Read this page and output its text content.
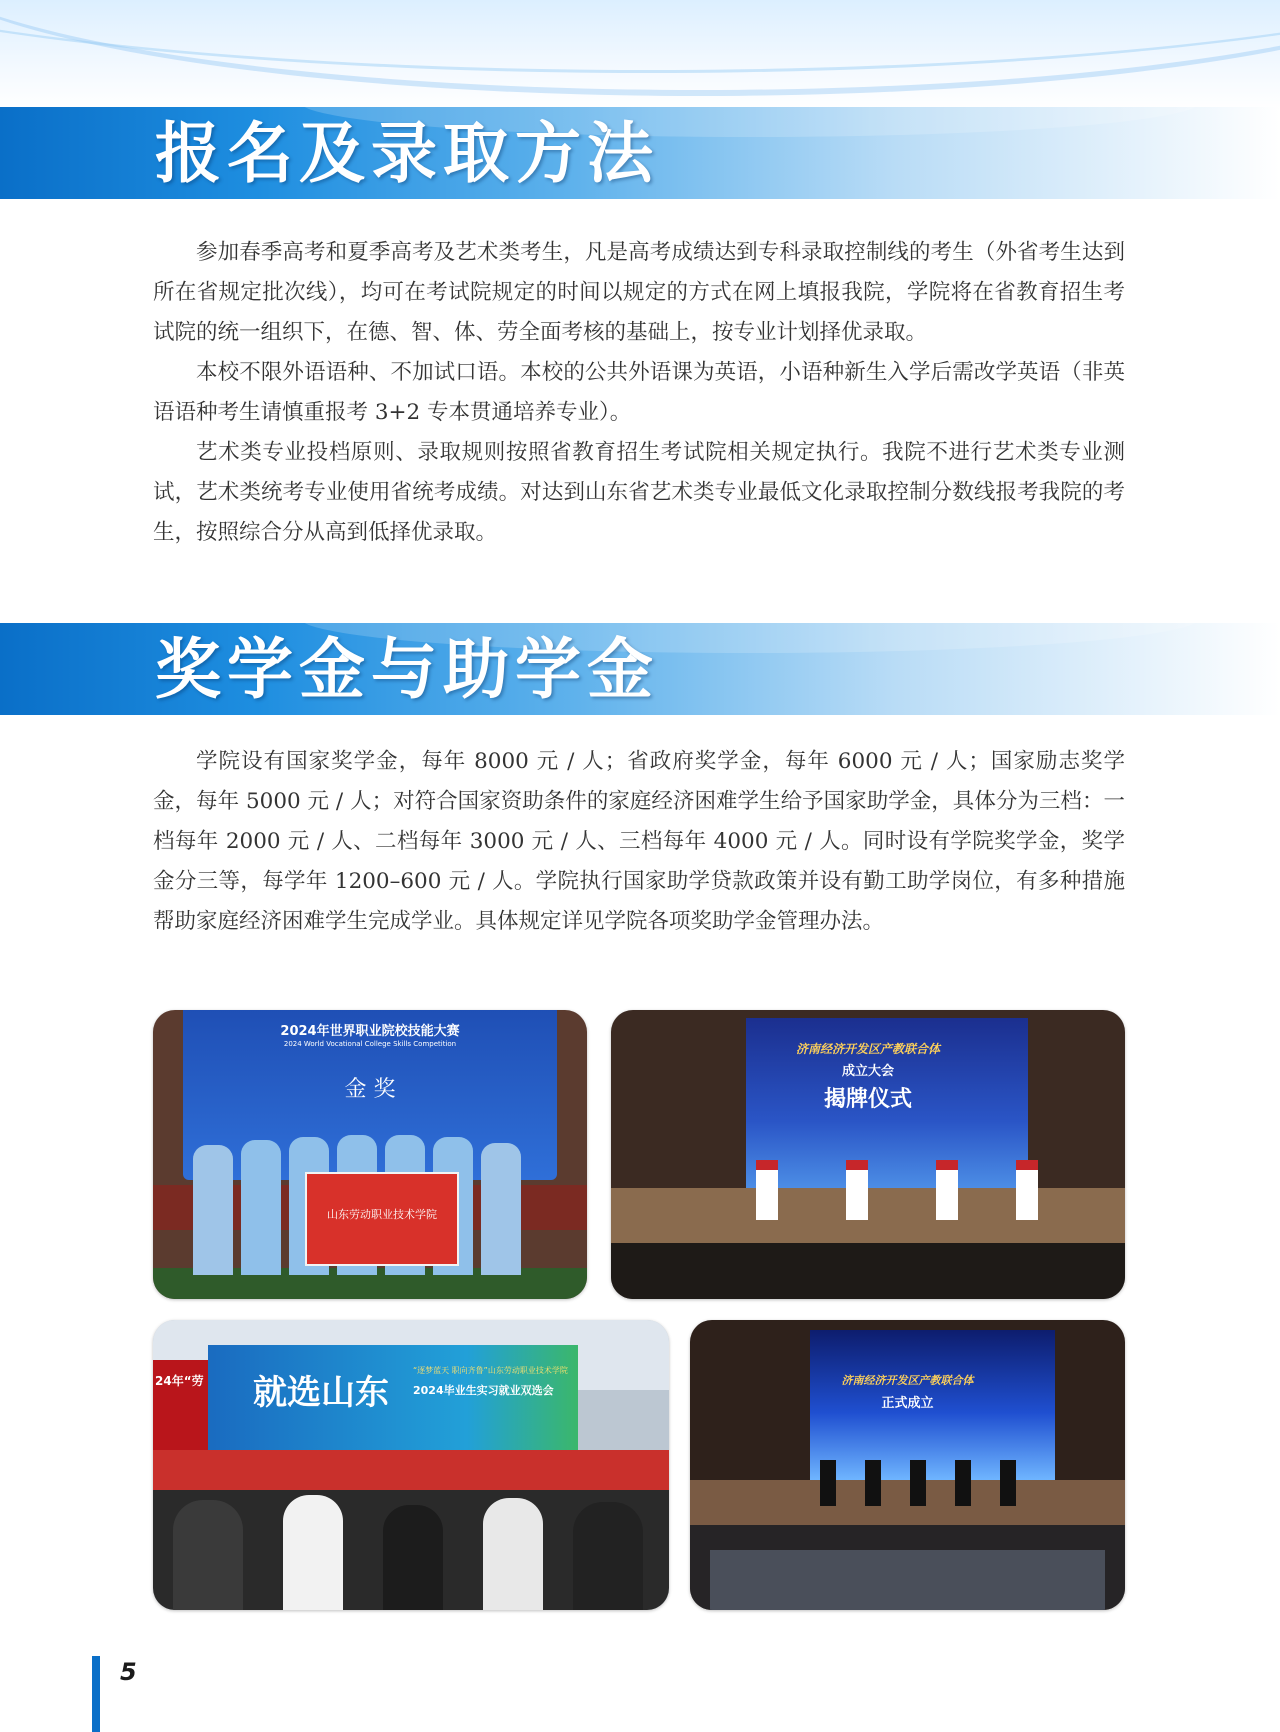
报名及录取方法

参加春季高考和夏季高考及艺术类考生，凡是高考成绩达到专科录取控制线的考生（外省考生达到所在省规定批次线），均可在考试院规定的时间以规定的方式在网上填报我院，学院将在省教育招生考试院的统一组织下，在德、智、体、劳全面考核的基础上，按专业计划择优录取。

本校不限外语语种、不加试口语。本校的公共外语课为英语，小语种新生入学后需改学英语（非英语语种考生请慎重报考 3+2 专本贯通培养专业）。

艺术类专业投档原则、录取规则按照省教育招生考试院相关规定执行。我院不进行艺术类专业测试，艺术类统考专业使用省统考成绩。对达到山东省艺术类专业最低文化录取控制分数线报考我院的考生，按照综合分从高到低择优录取。

奖学金与助学金

学院设有国家奖学金，每年 8000 元 / 人；省政府奖学金，每年 6000 元 / 人；国家励志奖学金，每年 5000 元 / 人；对符合国家资助条件的家庭经济困难学生给予国家助学金，具体分为三档：一档每年 2000 元 / 人、二档每年 3000 元 / 人、三档每年 4000 元 / 人。同时设有学院奖学金，奖学金分三等，每学年 1200–600 元 / 人。学院执行国家助学贷款政策并设有勤工助学岗位，有多种措施帮助家庭经济困难学生完成学业。具体规定详见学院各项奖助学金管理办法。

2024年世界职业院校技能大赛
2024 World Vocational College Skills Competition
金 奖
山东劳动职业技术学院
济南经济开发区产教联合体
成立大会
揭牌仪式
24年“劳 就选山东
“逐梦蓝天 职向齐鲁”山东劳动职业技术学院
2024毕业生实习就业双选会
济南经济开发区产教联合体
正式成立
5
